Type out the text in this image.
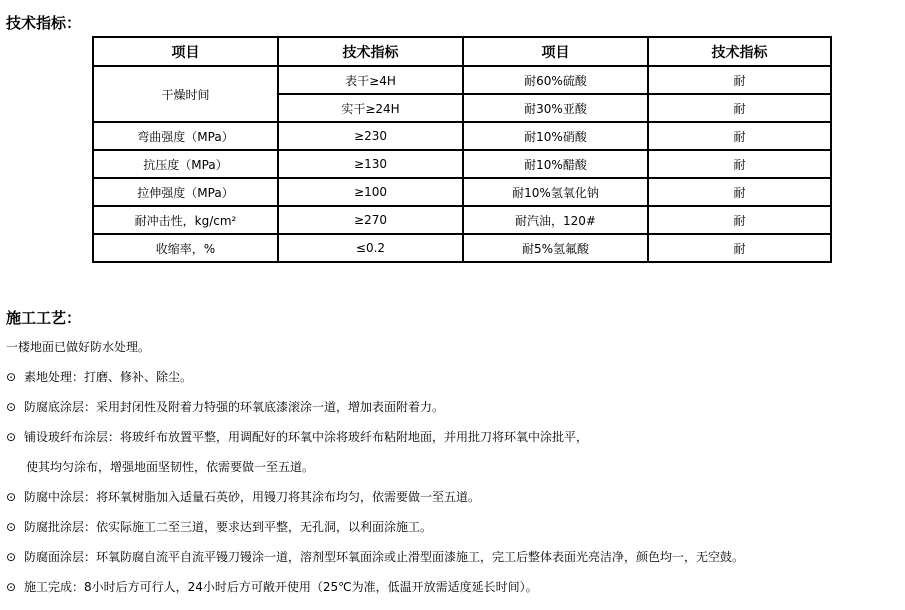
技术指标：
项目	技术指标	项目	技术指标
干燥时间	表干≥4H	耐60%硫酸	耐
	实干≥24H	耐30%亚酸	耐
弯曲强度（MPa）	≥230	耐10%硝酸	耐
抗压度（MPa）	≥130	耐10%醋酸	耐
拉伸强度（MPa）	≥100	耐10%氢氧化钠	耐
耐冲击性，kg/cm²	≥270	耐汽油，120#	耐
收缩率，%	≤0.2	耐5%氢氟酸	耐
施工工艺：
一楼地面已做好防水处理。
⊙ 素地处理：打磨、修补、除尘。
⊙ 防腐底涂层：采用封闭性及附着力特强的环氧底漆滚涂一道，增加表面附着力。
⊙ 铺设玻纤布涂层：将玻纤布放置平整，用调配好的环氧中涂将玻纤布粘附地面，并用批刀将环氧中涂批平，
使其均匀涂布，增强地面坚韧性，依需要做一至五道。
⊙ 防腐中涂层：将环氧树脂加入适量石英砂，用镘刀将其涂布均匀，依需要做一至五道。
⊙ 防腐批涂层：依实际施工二至三道，要求达到平整，无孔洞，以利面涂施工。
⊙ 防腐面涂层：环氧防腐自流平自流平镘刀镘涂一道，溶剂型环氧面涂或止滑型面漆施工，完工后整体表面光亮洁净，颜色均一，无空鼓。
⊙ 施工完成：8小时后方可行人，24小时后方可敞开使用（25℃为准，低温开放需适度延长时间）。
